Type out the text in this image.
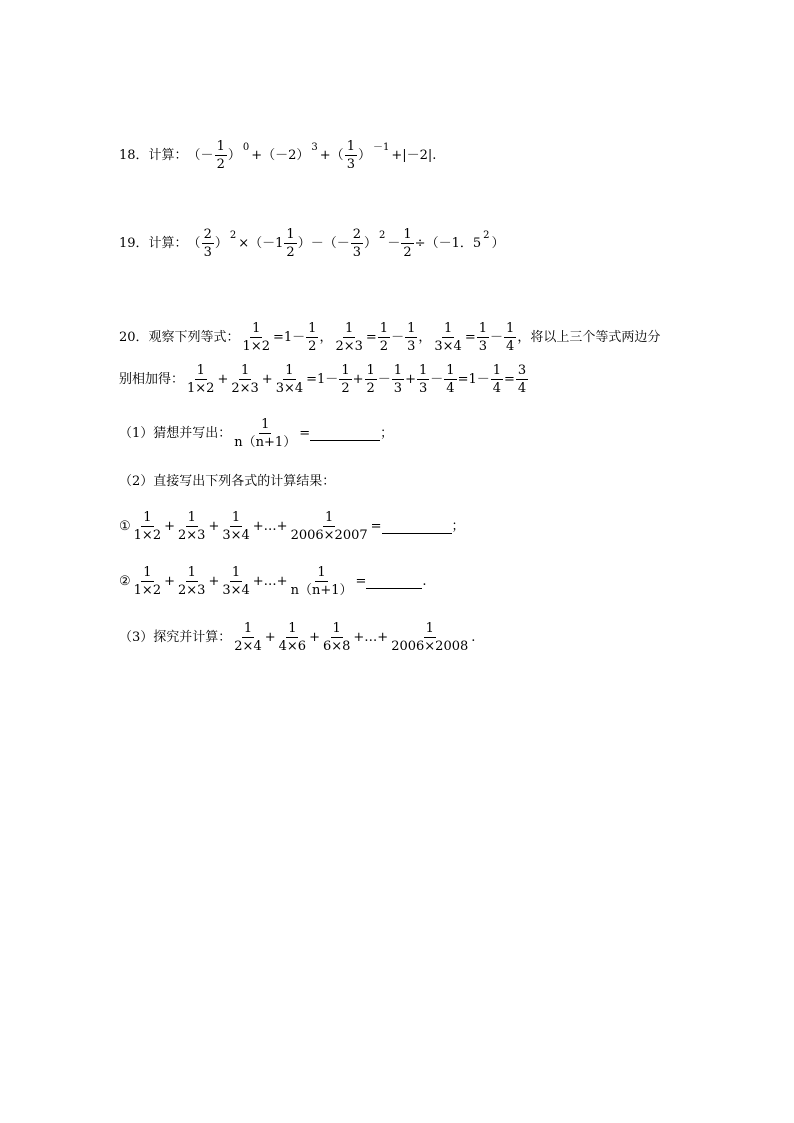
18．计算： （－ $\frac{1}{2}$ ）
0
+（－2）
3
+（ $\frac{1}{3}$ ）
－1
+|－2|.
19．计算： （ $\frac{2}{3}$ ）
2
$\times(-1 \frac{1}{2}$ ）－（－ $\frac{2}{3}$ ）
2
－ $\frac{1}{2} \div(-1$．5
2
）
20．观察下列等式： $\frac{1}{1\times 2} =1- \frac{1}{2}$ ， $\frac{1}{2\times 3} = \frac{1}{2} - \frac{1}{3}$ ， $\frac{1}{3\times 4} = \frac{1}{3} - \frac{1}{4}$ ，将以上三个等式两边分
别相加得： $\frac{1}{1\times 2} + \frac{1}{2\times 3} + \frac{1}{3\times 4} =1- \frac{1}{2} + \frac{1}{2} - \frac{1}{3} + \frac{1}{3} - \frac{1}{4} =1- \frac{1}{4} = \frac{3}{4}$
（1）猜想并写出： $\frac{1}{n(n+1)}$ =	；
（2）直接写出下列各式的计算结果：
① $\frac{1}{1\times 2} + \frac{1}{2\times 3} + \frac{1}{3\times 4}$ +…+ $\frac{1}{2006\times 2007}$ =	；
② $\frac{1}{1\times 2} + \frac{1}{2\times 3} + \frac{1}{3\times 4}$ +…+ $\frac{1}{n(n+1)}$ =	.
（3）探究并计算： $\frac{1}{2\times 4} + \frac{1}{4\times 6} + \frac{1}{6\times 8}$ +…+ $\frac{1}{2006\times 2008}$ .
